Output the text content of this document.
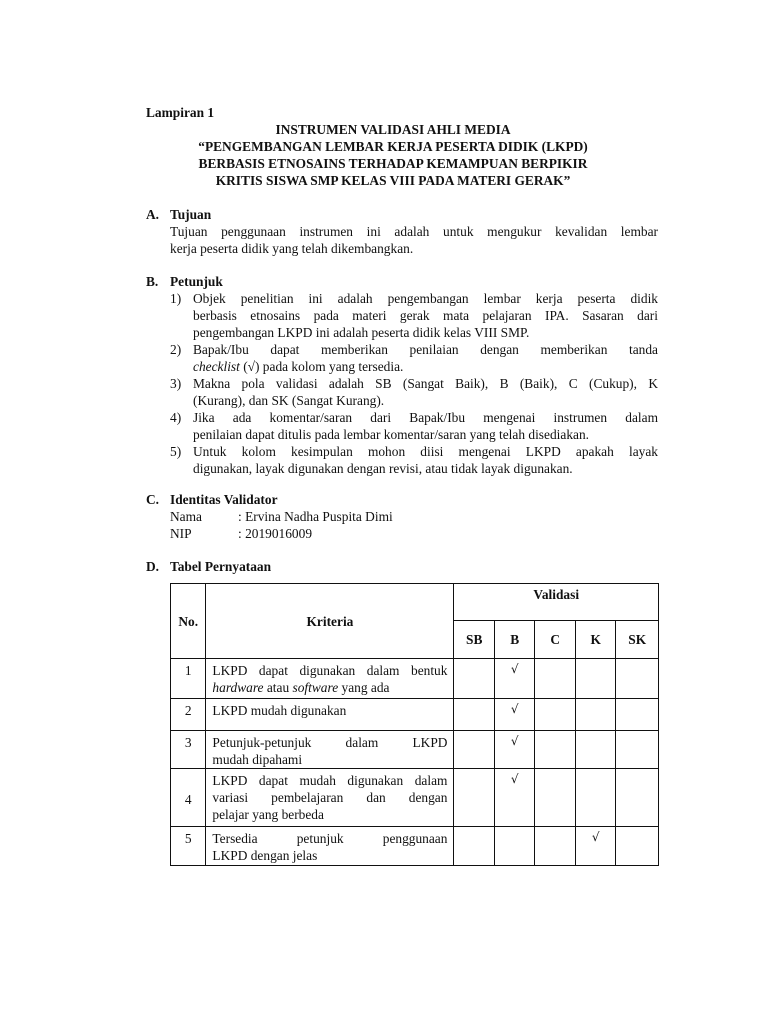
Lampiran 1
INSTRUMEN VALIDASI AHLI MEDIA
“PENGEMBANGAN LEMBAR KERJA PESERTA DIDIK (LKPD)
BERBASIS ETNOSAINS TERHADAP KEMAMPUAN BERPIKIR
KRITIS SISWA SMP KELAS VIII PADA MATERI GERAK”
A. Tujuan
Tujuan penggunaan instrumen ini adalah untuk mengukur kevalidan lembar
kerja peserta didik yang telah dikembangkan.
B. Petunjuk
1) Objek penelitian ini adalah pengembangan lembar kerja peserta didik
berbasis etnosains pada materi gerak mata pelajaran IPA. Sasaran dari
pengembangan LKPD ini adalah peserta didik kelas VIII SMP.
2) Bapak/Ibu dapat memberikan penilaian dengan memberikan tanda
checklist (√) pada kolom yang tersedia.
3) Makna pola validasi adalah SB (Sangat Baik), B (Baik), C (Cukup), K
(Kurang), dan SK (Sangat Kurang).
4) Jika ada komentar/saran dari Bapak/Ibu mengenai instrumen dalam
penilaian dapat ditulis pada lembar komentar/saran yang telah disediakan.
5) Untuk kolom kesimpulan mohon diisi mengenai LKPD apakah layak
digunakan, layak digunakan dengan revisi, atau tidak layak digunakan.
C. Identitas Validator
Nama	: Ervina Nadha Puspita Dimi
NIP	: 2019016009
D. Tabel Pernyataan
No.	Kriteria	Validasi				
		SB	B	C	K	SK
1	LKPD dapat digunakan dalam bentuk
hardware atau software yang ada		√			
2	LKPD mudah digunakan		√			
3	Petunjuk-petunjuk dalam LKPD
mudah dipahami		√			
4	LKPD dapat mudah digunakan dalam
variasi pembelajaran dan dengan
pelajar yang berbeda		√			
5	Tersedia petunjuk penggunaan
LKPD dengan jelas				√	
